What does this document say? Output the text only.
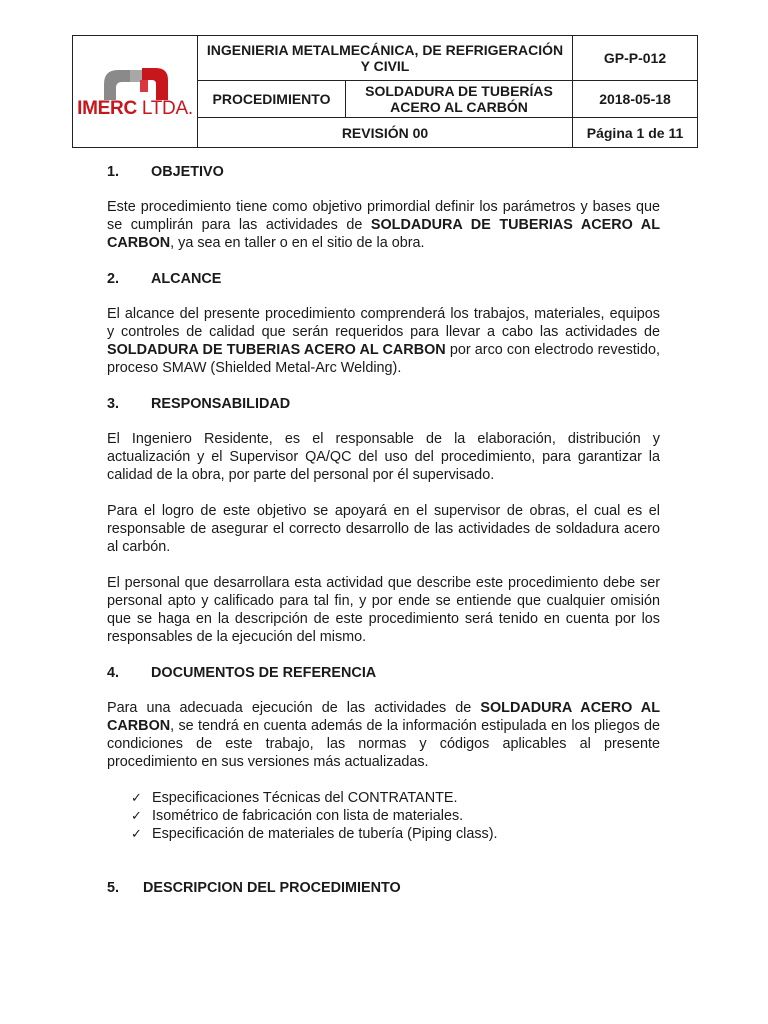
IMERC LTDA.	INGENIERIA METALMECÁNICA, DE REFRIGERACIÓN Y CIVIL		GP-P-012
	PROCEDIMIENTO	SOLDADURA DE TUBERÍAS ACERO AL CARBÓN	2018-05-18
	REVISIÓN 00		Página 1 de 11
1.	OBJETIVO

Este procedimiento tiene como objetivo primordial definir los parámetros y bases que se cumplirán para las actividades de SOLDADURA DE TUBERIAS ACERO AL CARBON, ya sea en taller o en el sitio de la obra.

2.	ALCANCE

El alcance del presente procedimiento comprenderá los trabajos, materiales, equipos y controles de calidad que serán requeridos para llevar a cabo las actividades de SOLDADURA DE TUBERIAS ACERO AL CARBON por arco con electrodo revestido, proceso SMAW (Shielded Metal-Arc Welding).

3.	RESPONSABILIDAD

El Ingeniero Residente, es el responsable de la elaboración, distribución y actualización y el Supervisor QA/QC del uso del procedimiento, para garantizar la calidad de la obra, por parte del personal por él supervisado.

Para el logro de este objetivo se apoyará en el supervisor de obras, el cual es el responsable de asegurar el correcto desarrollo de las actividades de soldadura acero al carbón.

El personal que desarrollara esta actividad que describe este procedimiento debe ser personal apto y calificado para tal fin, y por ende se entiende que cualquier omisión que se haga en la descripción de este procedimiento será tenido en cuenta por los responsables de la ejecución del mismo.

4.	DOCUMENTOS DE REFERENCIA

Para una adecuada ejecución de las actividades de SOLDADURA ACERO AL CARBON, se tendrá en cuenta además de la información estipulada en los pliegos de condiciones de este trabajo, las normas y códigos aplicables al presente procedimiento en sus versiones más actualizadas.

✓ Especificaciones Técnicas del CONTRATANTE.
✓ Isométrico de fabricación con lista de materiales.
✓ Especificación de materiales de tubería (Piping class).
5.	DESCRIPCION DEL PROCEDIMIENTO
